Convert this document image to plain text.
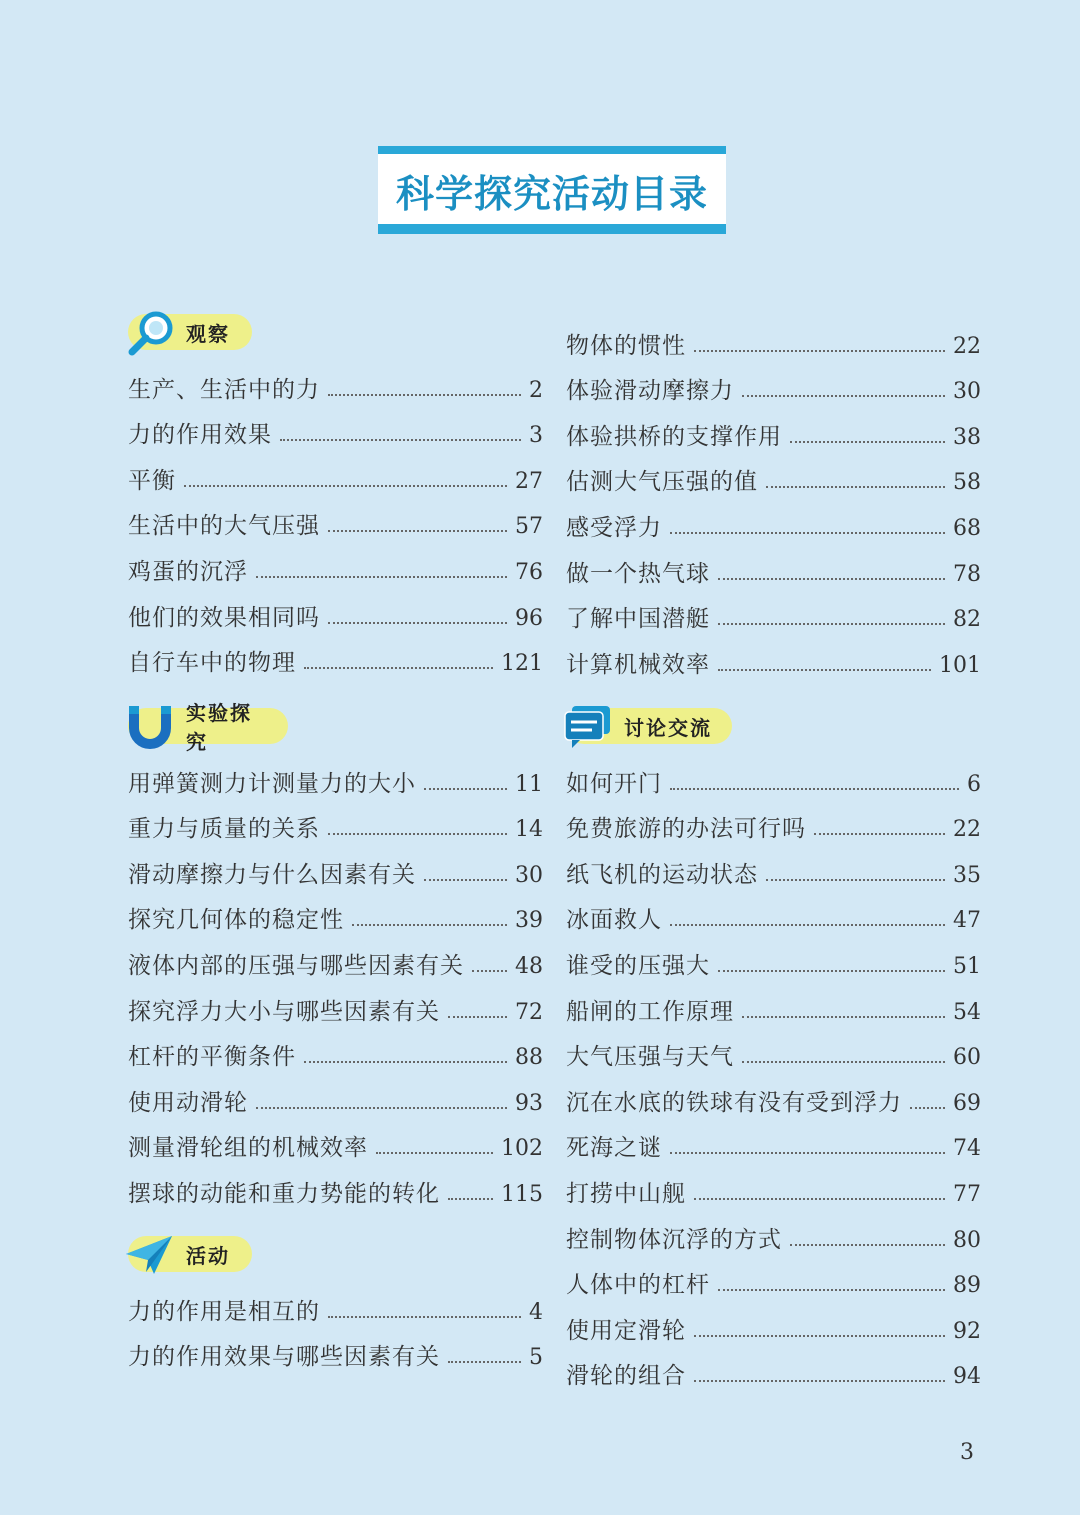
科学探究活动目录
观察
生产、生活中的力	2
力的作用效果	3
平衡	27
生活中的大气压强	57
鸡蛋的沉浮	76
他们的效果相同吗	96
自行车中的物理	121
实验探究
用弹簧测力计测量力的大小	11
重力与质量的关系	14
滑动摩擦力与什么因素有关	30
探究几何体的稳定性	39
液体内部的压强与哪些因素有关 48
探究浮力大小与哪些因素有关	72
杠杆的平衡条件	88
使用动滑轮	93
测量滑轮组的机械效率	102
摆球的动能和重力势能的转化	115
活动
力的作用是相互的	4
力的作用效果与哪些因素有关	5
物体的惯性	22
体验滑动摩擦力	30
体验拱桥的支撑作用	38
估测大气压强的值	58
感受浮力	68
做一个热气球	78
了解中国潜艇	82
计算机械效率	101
讨论交流
如何开门	6
免费旅游的办法可行吗	22
纸飞机的运动状态	35
冰面救人	47
谁受的压强大	51
船闸的工作原理	54
大气压强与天气	60
沉在水底的铁球有没有受到浮力 69
死海之谜	74
打捞中山舰	77
控制物体沉浮的方式	80
人体中的杠杆	89
使用定滑轮	92
滑轮的组合	94
3
